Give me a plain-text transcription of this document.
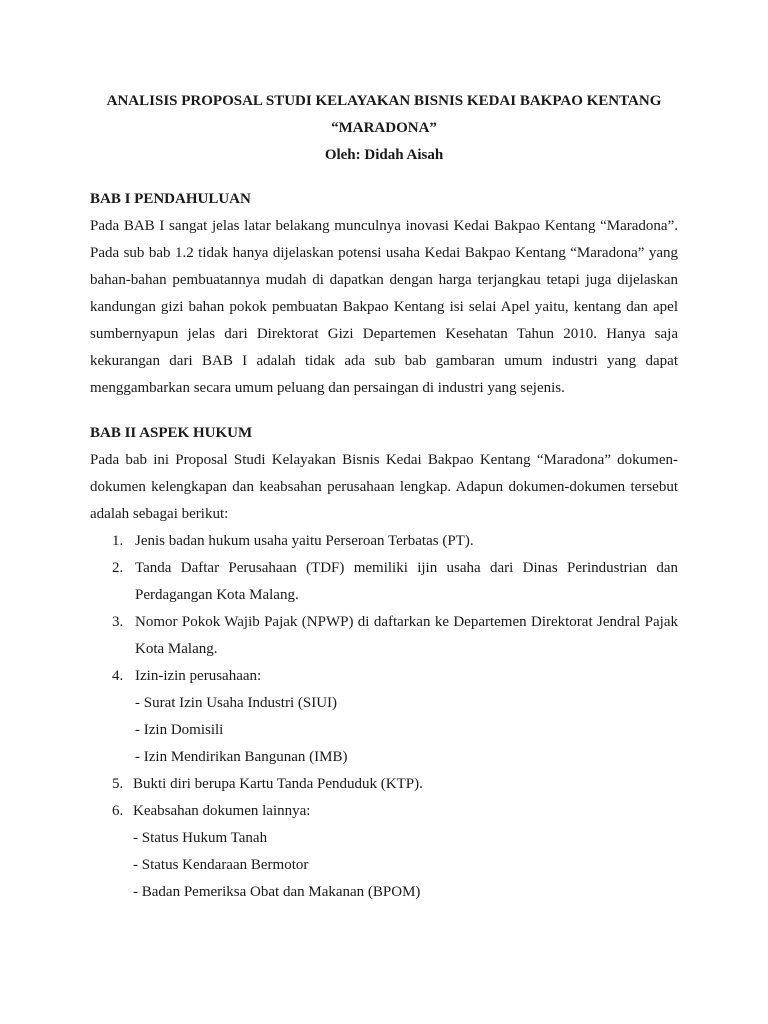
ANALISIS PROPOSAL STUDI KELAYAKAN BISNIS KEDAI BAKPAO KENTANG

“MARADONA”

Oleh: Didah Aisah

BAB I PENDAHULUAN

Pada BAB I sangat jelas latar belakang munculnya inovasi Kedai Bakpao Kentang “Maradona”. Pada sub bab 1.2 tidak hanya dijelaskan potensi usaha Kedai Bakpao Kentang “Maradona” yang bahan-bahan pembuatannya mudah di dapatkan dengan harga terjangkau tetapi juga dijelaskan kandungan gizi bahan pokok pembuatan Bakpao Kentang isi selai Apel yaitu, kentang dan apel sumbernyapun jelas dari Direktorat Gizi Departemen Kesehatan Tahun 2010. Hanya saja kekurangan dari BAB I adalah tidak ada sub bab gambaran umum industri yang dapat menggambarkan secara umum peluang dan persaingan di industri yang sejenis.

BAB II ASPEK HUKUM

Pada bab ini Proposal Studi Kelayakan Bisnis Kedai Bakpao Kentang “Maradona” dokumen-dokumen kelengkapan dan keabsahan perusahaan lengkap. Adapun dokumen-dokumen tersebut adalah sebagai berikut:

1. Jenis badan hukum usaha yaitu Perseroan Terbatas (PT).
2. Tanda Daftar Perusahaan (TDF) memiliki ijin usaha dari Dinas Perindustrian dan Perdagangan Kota Malang.
3. Nomor Pokok Wajib Pajak (NPWP) di daftarkan ke Departemen Direktorat Jendral Pajak Kota Malang.
4. Izin-izin perusahaan:
- Surat Izin Usaha Industri (SIUI)
- Izin Domisili
- Izin Mendirikan Bangunan (IMB)
5. Bukti diri berupa Kartu Tanda Penduduk (KTP).
6. Keabsahan dokumen lainnya:
- Status Hukum Tanah
- Status Kendaraan Bermotor
- Badan Pemeriksa Obat dan Makanan (BPOM)
